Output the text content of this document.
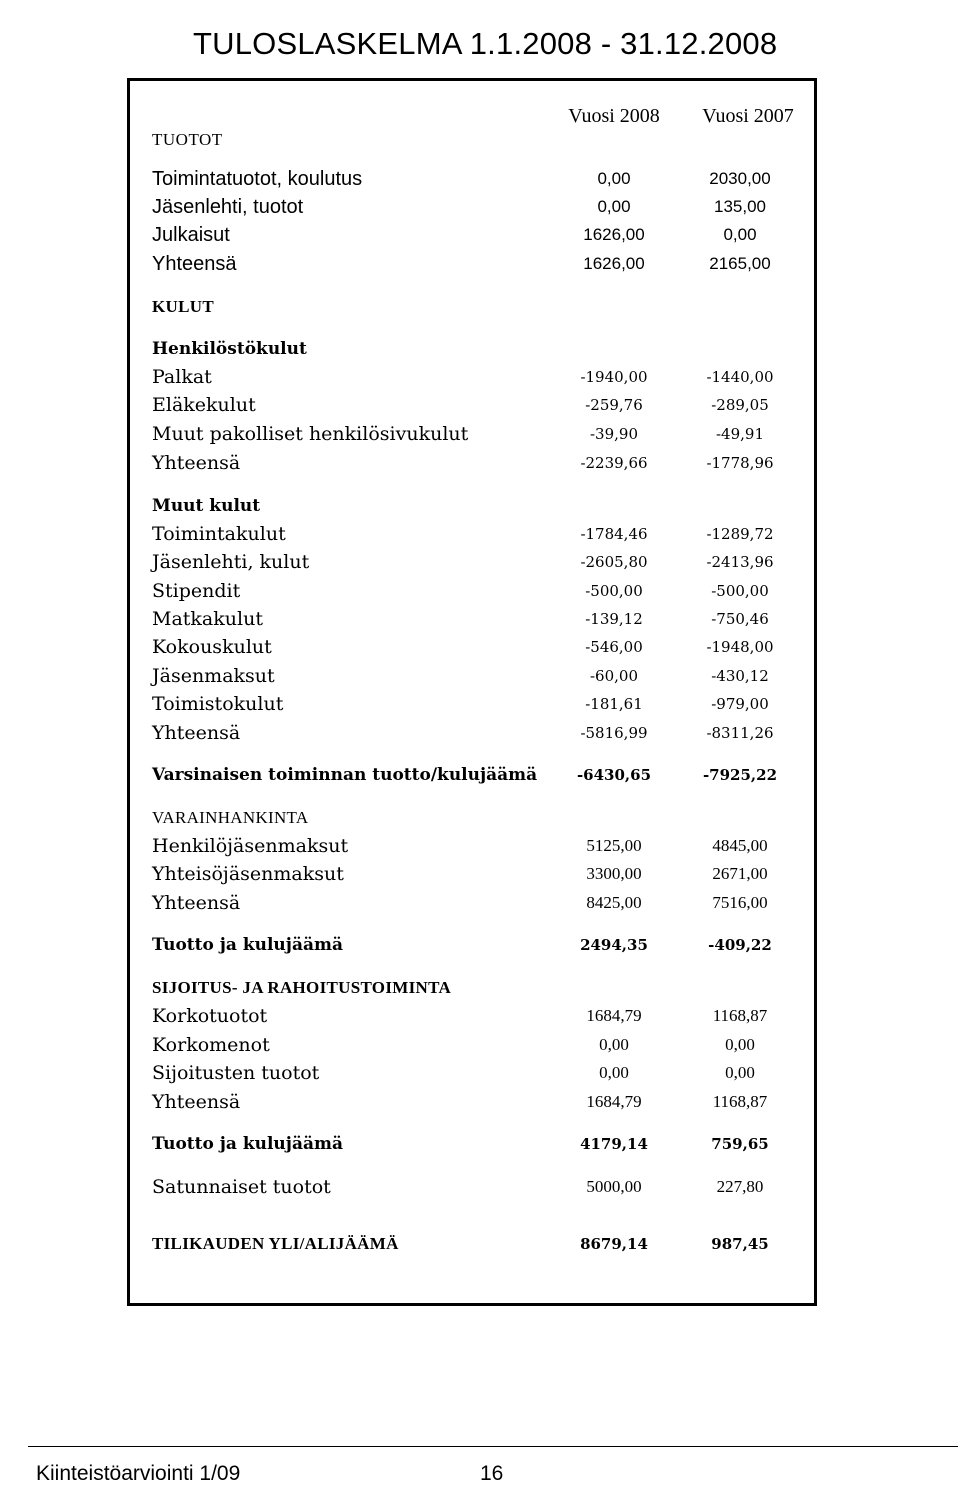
TULOSLASKELMA 1.1.2008 - 31.12.2008
Vuosi 2008	Vuosi 2007
TUOTOT
Toimintatuotot, koulutus	0,00	2030,00
Jäsenlehti, tuotot	0,00	135,00
Julkaisut	1626,00	0,00
Yhteensä	1626,00	2165,00
KULUT
Henkilöstökulut
Palkat	-1940,00	-1440,00
Eläkekulut	-259,76	-289,05
Muut pakolliset henkilösivukulut	-39,90	-49,91
Yhteensä	-2239,66	-1778,96
Muut kulut
Toimintakulut	-1784,46	-1289,72
Jäsenlehti, kulut	-2605,80	-2413,96
Stipendit	-500,00	-500,00
Matkakulut	-139,12	-750,46
Kokouskulut	-546,00	-1948,00
Jäsenmaksut	-60,00	-430,12
Toimistokulut	-181,61	-979,00
Yhteensä	-5816,99	-8311,26
Varsinaisen toiminnan tuotto/kulujäämä	-6430,65	-7925,22
VARAINHANKINTA
Henkilöjäsenmaksut	5125,00	4845,00
Yhteisöjäsenmaksut	3300,00	2671,00
Yhteensä	8425,00	7516,00
Tuotto ja kulujäämä	2494,35	-409,22
SIJOITUS- JA RAHOITUSTOIMINTA
Korkotuotot	1684,79	1168,87
Korkomenot	0,00	0,00
Sijoitusten tuotot	0,00	0,00
Yhteensä	1684,79	1168,87
Tuotto ja kulujäämä	4179,14	759,65
Satunnaiset tuotot	5000,00	227,80
TILIKAUDEN YLI/ALIJÄÄMÄ	8679,14	987,45
Kiinteistöarviointi 1/09	16
